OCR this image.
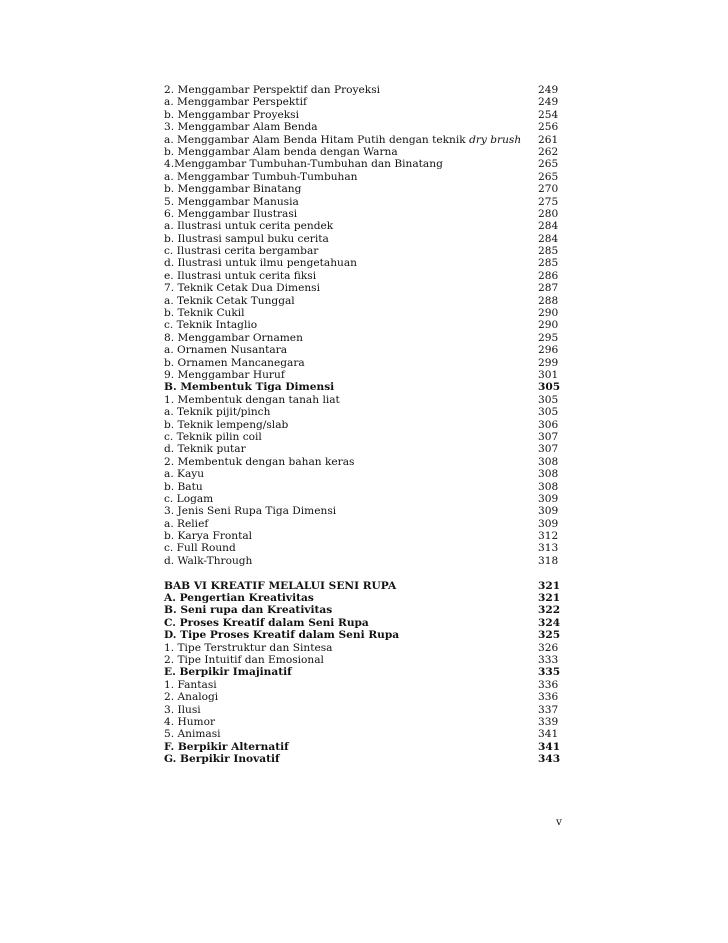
2. Menggambar Perspektif dan Proyeksi	249
a. Menggambar Perspektif	249
b. Menggambar Proyeksi	254
3. Menggambar Alam Benda	256
a. Menggambar Alam Benda Hitam Putih dengan teknik dry brush 261
b. Menggambar Alam benda dengan Warna	262
4.Menggambar Tumbuhan-Tumbuhan dan Binatang	265
a. Menggambar Tumbuh-Tumbuhan	265
b. Menggambar Binatang	270
5. Menggambar Manusia	275
6. Menggambar Ilustrasi	280
a. Ilustrasi untuk cerita pendek	284
b. Ilustrasi sampul buku cerita	284
c. Ilustrasi cerita bergambar	285
d. Ilustrasi untuk ilmu pengetahuan	285
e. Ilustrasi untuk cerita fiksi	286
7. Teknik Cetak Dua Dimensi	287
a. Teknik Cetak Tunggal	288
b. Teknik Cukil	290
c. Teknik Intaglio	290
8. Menggambar Ornamen	295
a. Ornamen Nusantara	296
b. Ornamen Mancanegara	299
9. Menggambar Huruf	301
B. Membentuk Tiga Dimensi	305
1. Membentuk dengan tanah liat	305
a. Teknik pijit/pinch	305
b. Teknik lempeng/slab	306
c. Teknik pilin coil	307
d. Teknik putar	307
2. Membentuk dengan bahan keras	308
a. Kayu	308
b. Batu	308
c. Logam	309
3. Jenis Seni Rupa Tiga Dimensi	309
a. Relief	309
b. Karya Frontal	312
c. Full Round	313
d. Walk-Through	318
BAB VI KREATIF MELALUI SENI RUPA	321
A. Pengertian Kreativitas	321
B. Seni rupa dan Kreativitas	322
C. Proses Kreatif dalam Seni Rupa	324
D. Tipe Proses Kreatif dalam Seni Rupa	325
1. Tipe Terstruktur dan Sintesa	326
2. Tipe Intuitif dan Emosional	333
E. Berpikir Imajinatif	335
1. Fantasi	336
2. Analogi	336
3. Ilusi	337
4. Humor	339
5. Animasi	341
F. Berpikir Alternatif	341
G. Berpikir Inovatif	343
v
